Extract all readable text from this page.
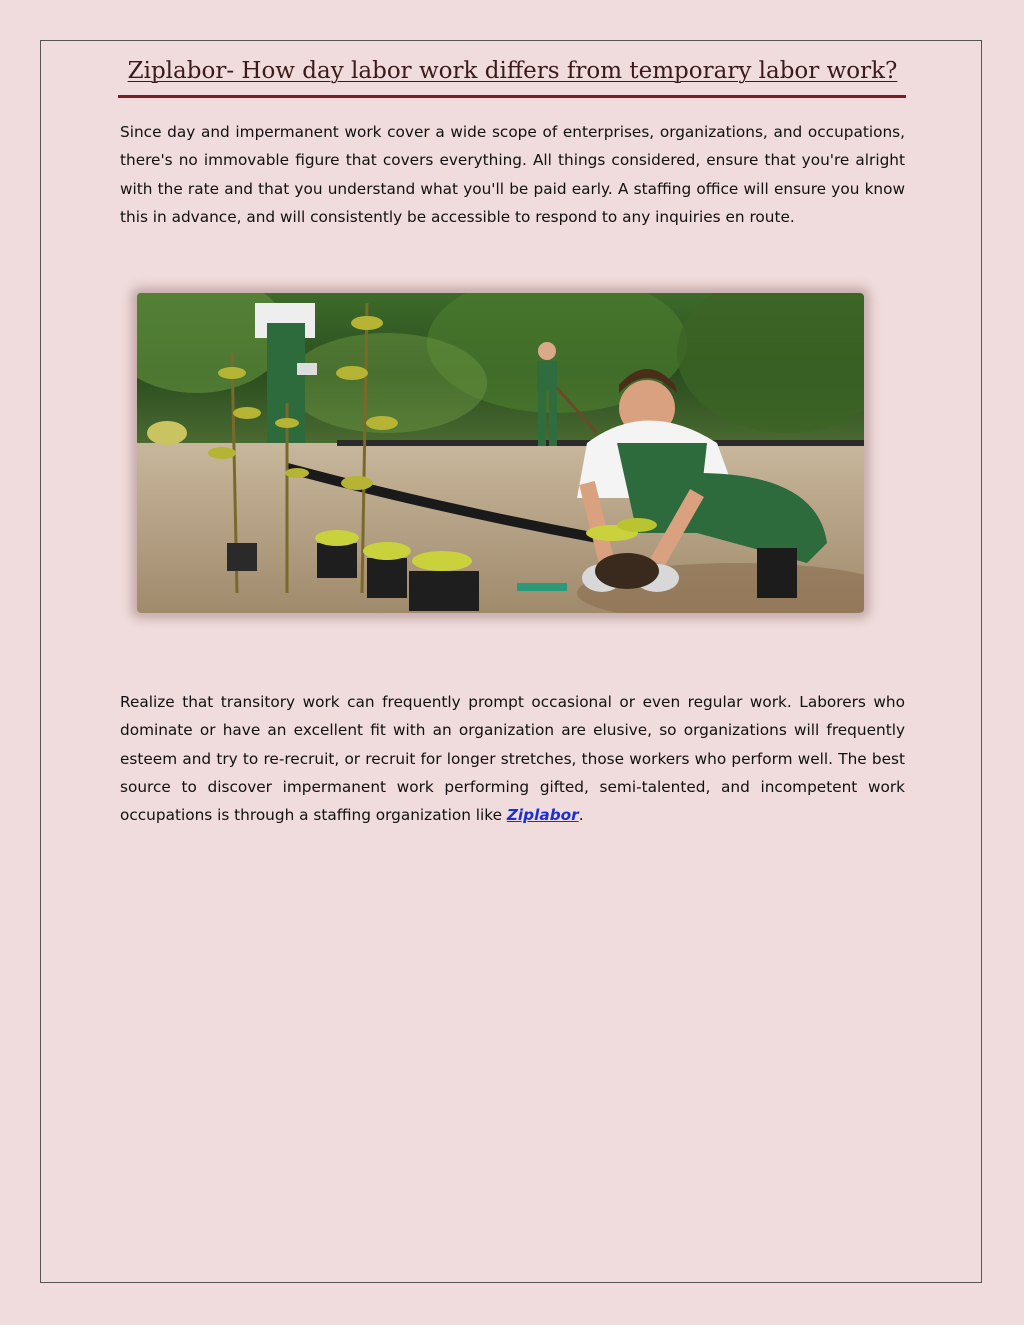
Ziplabor- How day labor work differs from temporary labor work?

Since day and impermanent work cover a wide scope of enterprises, organizations, and occupations, there's no immovable figure that covers everything. All things considered, ensure that you're alright with the rate and that you understand what you'll be paid early. A staffing office will ensure you know this in advance, and will consistently be accessible to respond to any inquiries en route.

Realize that transitory work can frequently prompt occasional or even regular work. Laborers who dominate or have an excellent fit with an organization are elusive, so organizations will frequently esteem and try to re-recruit, or recruit for longer stretches, those workers who perform well. The best source to discover impermanent work performing gifted, semi-talented, and incompetent work occupations is through a staffing organization like Ziplabor.
